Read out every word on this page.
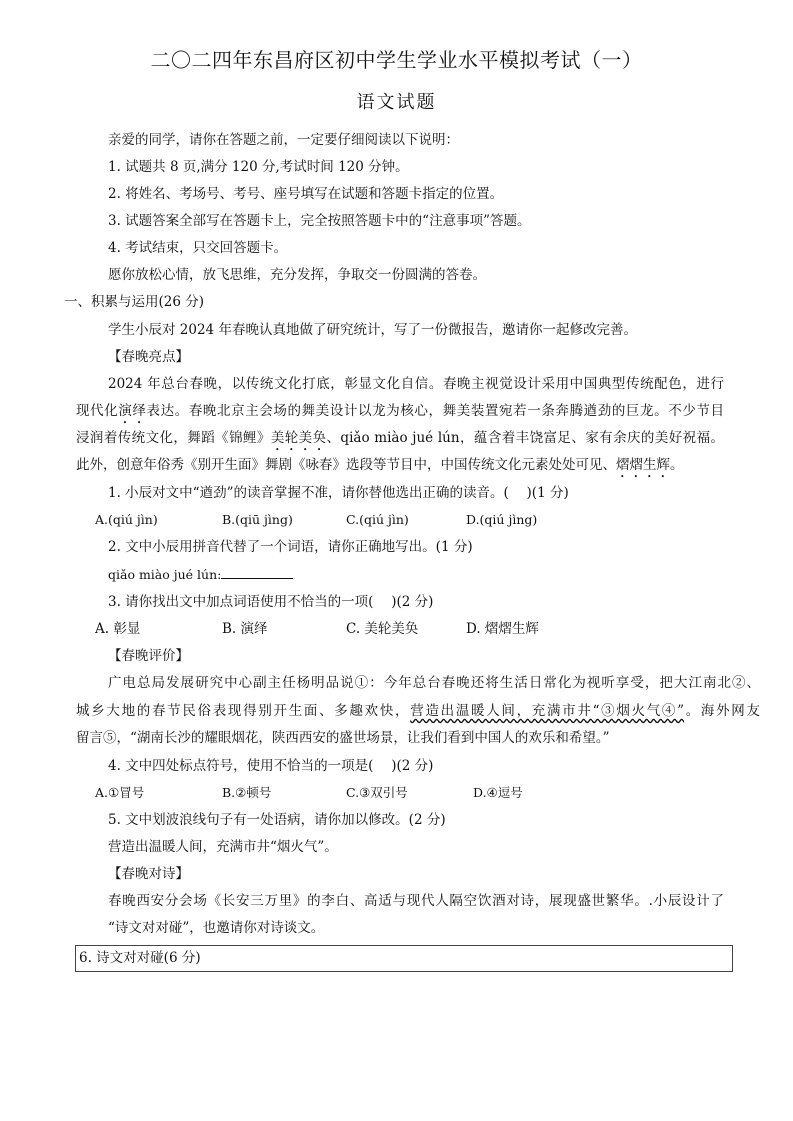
二〇二四年东昌府区初中学生学业水平模拟考试（一）
语文试题
亲爱的同学，请你在答题之前，一定要仔细阅读以下说明：
1. 试题共 8 页,满分 120 分,考试时间 120 分钟。
2. 将姓名、考场号、考号、座号填写在试题和答题卡指定的位置。
3. 试题答案全部写在答题卡上，完全按照答题卡中的“注意事项”答题。
4. 考试结束，只交回答题卡。
愿你放松心情，放飞思维，充分发挥，争取交一份圆满的答卷。
一、积累与运用(26 分)
学生小辰对 2024 年春晚认真地做了研究统计，写了一份微报告，邀请你一起修改完善。
【春晚亮点】
2024 年总台春晚，以传统文化打底，彰显文化自信。春晚主视觉设计采用中国典型传统配色，进行
现代化演绎表达。春晚北京主会场的舞美设计以龙为核心，舞美装置宛若一条奔腾遒劲的巨龙。不少节目
浸润着传统文化，舞蹈《锦鲤》美轮美奂、qiǎo miào jué lún，蕴含着丰饶富足、家有余庆的美好祝福。
此外，创意年俗秀《别开生面》舞剧《咏春》选段等节目中，中国传统文化元素处处可见、熠熠生辉。
1. 小辰对文中“遒劲”的读音掌握不准，请你替他选出正确的读音。(　 )(1 分)
A.(qiú jìn)	B.(qiū jìng)	C.(qiú jìn)	D.(qiú jìng)
2. 文中小辰用拼音代替了一个词语，请你正确地写出。(1 分)
qiǎo miào jué lún:
3. 请你找出文中加点词语使用不恰当的一项(　 )(2 分)
A. 彰显	B. 演绎	C. 美轮美奂	D. 熠熠生辉
【春晚评价】
广电总局发展研究中心副主任杨明品说①：今年总台春晚还将生活日常化为视听享受，把大江南北②、
城乡大地的春节民俗表现得别开生面、多趣欢快，营造出温暖人间，充满市井“③烟火气④”。海外网友
留言⑤，“湖南长沙的耀眼烟花，陕西西安的盛世场景，让我们看到中国人的欢乐和希望。”
4. 文中四处标点符号，使用不恰当的一项是(　 )(2 分)
A.①冒号	B.②顿号	C.③双引号	D.④逗号
5. 文中划波浪线句子有一处语病，请你加以修改。(2 分)
营造出温暖人间，充满市井“烟火气”。
【春晚对诗】
春晚西安分会场《长安三万里》的李白、高适与现代人隔空饮酒对诗，展现盛世繁华。.小辰设计了
“诗文对对碰”，也邀请你对诗谈文。
6. 诗文对对碰(6 分)
